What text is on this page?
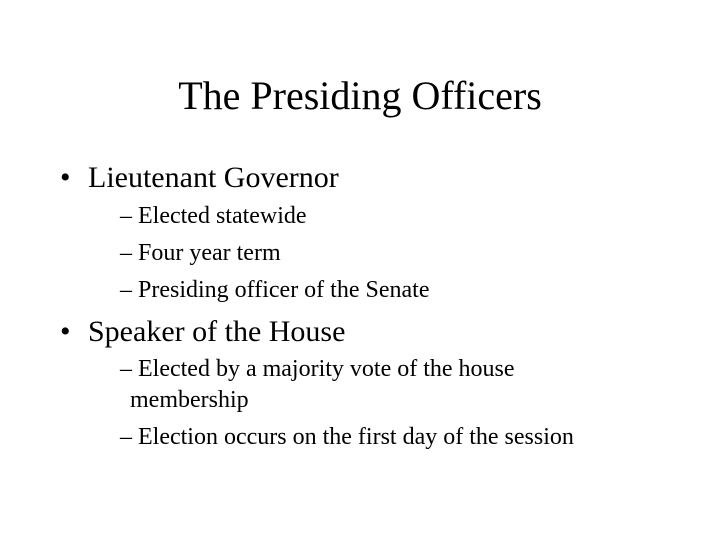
The Presiding Officers
• Lieutenant Governor
– Elected statewide
– Four year term
– Presiding officer of the Senate
• Speaker of the House
– Elected by a majority vote of the house
membership
– Election occurs on the first day of the session
